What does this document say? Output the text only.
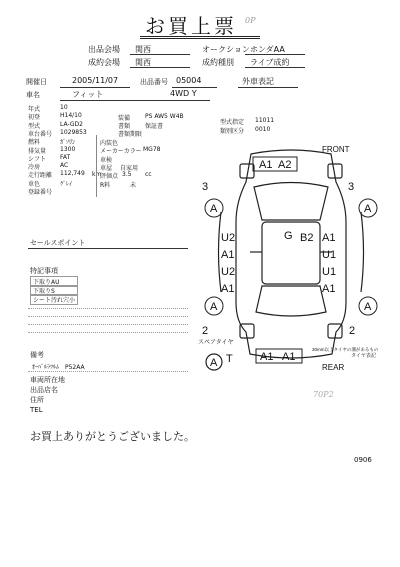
お買上票 0P
出品会場 関西	オークション ホンダAA
成約会場 関西	成約種別 ライブ成約
開催日	2005/11/07	出品番号 05004	外車表記
車名	フィット	4WD Y
年式	10
初登	H14/10
型式	LA-GD2
車台番号 1029853
燃料	ｶﾞｿﾘﾝ
排気量 1300
シフト FAT
冷房	AC
走行距離 112,749
車色	ｸﾞﾚｲ
登録番号
装備 PS AW5 W4B
書類 保証書
書類期限
型式指定 11011
類別区分 0010
内装色
メーカーカラー MG78
車検
車屋 自家用
km
評価点 3.5 cc
R料	未
セールスポイント
特記事項
下取りAU
下取りS
シート汚れ穴小
備考
ｵｰﾊﾞﾙﾗﾂﾙﾑ　P52AA
車両所在地
出品店名
住所
TEL
お買上ありがとうございました。
0906
70P2
FRONT
REAR
スペアタイヤ
30mm以上タイヤの溝があるもの
タイヤ表記
A1 A2
3	3
A	A
U2
A1
U2
A1
G B2 A1
U1
U1
A1
2	2
A	A
A1 A1
T
A
